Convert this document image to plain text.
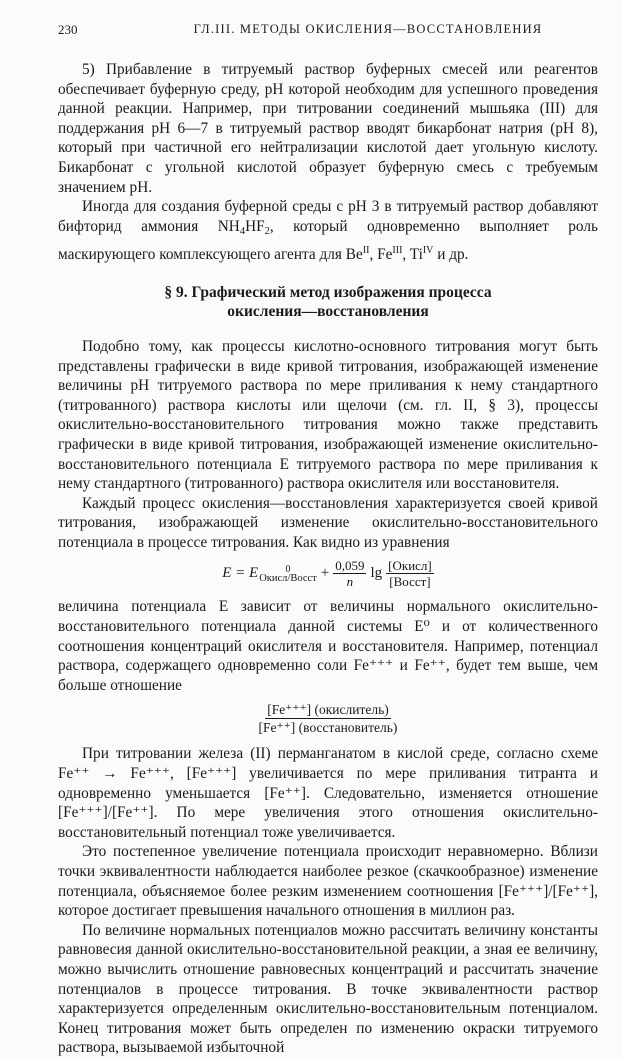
230	ГЛ.III. МЕТОДЫ ОКИСЛЕНИЯ—ВОССТАНОВЛЕНИЯ

5) Прибавление в титруемый раствор буферных смесей или реагентов обеспечивает буферную среду, pH которой необходим для успешного проведения данной реакции. Например, при титровании соединений мышьяка (III) для поддержания pH 6—7 в титруемый раствор вводят бикарбонат натрия (pH 8), который при частичной его нейтрализации кислотой дает угольную кислоту. Бикарбонат с угольной кислотой образует буферную смесь с требуемым значением pH.

Иногда для создания буферной среды с pH 3 в титруемый раствор добавляют бифторид аммония $NH_4HF_2$, который одновременно выполняет роль маскирующего комплексующего агента для $Be^{II}$, $Fe^{III}$, $Ti^{IV}$ и др.

§ 9. Графический метод изображения процесса
окисления—восстановления

Подобно тому, как процессы кислотно-основного титрования могут быть представлены графически в виде кривой титрования, изображающей изменение величины pH титруемого раствора по мере приливания к нему стандартного (титрованного) раствора кислоты или щелочи (см. гл. II, § 3), процессы окислительно-восстановительного титрования можно также представить графически в виде кривой титрования, изображающей изменение окислительно-восстановительного потенциала E титруемого раствора по мере приливания к нему стандартного (титрованного) раствора окислителя или восстановителя.

Каждый процесс окисления—восстановления характеризуется своей кривой титрования, изображающей изменение окислительно-восстановительного потенциала в процессе титрования. Как видно из уравнения

E = E	0
Окисл/Восст + $\frac{0,059}{n}$ $\lg \frac{\text{[Окисл]}}{\text{[Восст]}}$

величина потенциала E зависит от величины нормального окислительно-восстановительного потенциала данной системы E⁰ и от количественного соотношения концентраций окислителя и восстановителя. Например, потенциал раствора, содержащего одновременно соли Fe⁺⁺⁺ и Fe⁺⁺, будет тем выше, чем больше отношение

$\frac{\text{[Fe⁺⁺⁺] (окислитель)}}{\text{[Fe⁺⁺] (восстановитель)}}$

При титровании железа (II) перманганатом в кислой среде, согласно схеме Fe⁺⁺ → Fe⁺⁺⁺, [Fe⁺⁺⁺] увеличивается по мере приливания титранта и одновременно уменьшается [Fe⁺⁺]. Следовательно, изменяется отношение [Fe⁺⁺⁺]/[Fe⁺⁺]. По мере увеличения этого отношения окислительно-восстановительный потенциал тоже увеличивается.

Это постепенное увеличение потенциала происходит неравномерно. Вблизи точки эквивалентности наблюдается наиболее резкое (скачкообразное) изменение потенциала, объясняемое более резким изменением соотношения [Fe⁺⁺⁺]/[Fe⁺⁺], которое достигает превышения начального отношения в миллион раз.

По величине нормальных потенциалов можно рассчитать величину константы равновесия данной окислительно-восстановительной реакции, а зная ее величину, можно вычислить отношение равновесных концентраций и рассчитать значение потенциалов в процессе титрования. В точке эквивалентности раствор характеризуется определенным окислительно-восстановительным потенциалом. Конец титрования может быть определен по изменению окраски титруемого раствора, вызываемой избыточной
